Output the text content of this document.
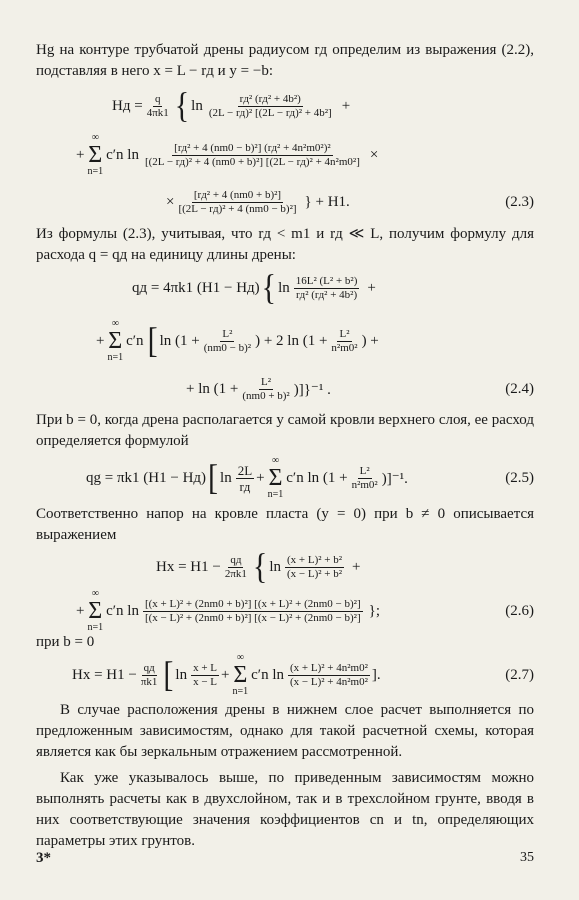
Hg на контуре трубчатой дрены радиусом rд определим из выражения (2.2), подставляя в него x = L − rд и y = −b:

Hд = $\frac{q}{4\pi k1}$ { $\ln \frac{\text{rд² (rд² + 4b²)}}{\text{(2L − rд)² [(2L − rд)² + 4b²]}}$ +
+
∞
Σ
n=1
c′n $\ln \frac{\text{[rд² + 4 (nm0 − b)²] (rд² + 4n²m0²)²}}{\text{[(2L − rд)² + 4 (nm0 + b)²] [(2L − rд)² + 4n²m0²]}}$ ×
× $\frac{\text{[rд² + 4 (nm0 + b)²]}}{\text{[(2L − rд)² + 4 (nm0 − b)²]}}$ } + H1.	(2.3)

Из формулы (2.3), учитывая, что rд < m1 и rд ≪ L, получим формулу для расхода q = qд на единицу длины дрены:

qд = 4πk1 (H1 − Hд) { $\ln \frac{\text{16L² (L² + b²)}}{\text{rд² (rд² + 4b²)}}$ +
+
∞
Σ
n=1
c′n [ $\ln (1 + \frac{\text{L²}}{\text{(nm0 − b)²}}$ ) + 2 $\ln (1 + \frac{\text{L²}}{\text{n²m0²}}$ ) +
+ $\ln (1 + \frac{\text{L²}}{\text{(nm0 + b)²}} )]\}^{-1}$ .	(2.4)

При b = 0, когда дрена располагается у самой кровли верхнего слоя, ее расход определяется формулой

qg = πk1 (H1 − Hд) [ $\ln \frac{2L}{rд}$ +
∞
Σ
n=1
c′n $\ln (1 + \frac{\text{L²}}{\text{n²m0²}} )]^{-1}$.	(2.5)

Соответственно напор на кровле пласта (y = 0) при b ≠ 0 описывается выражением

$Hx = H1 - \frac{qд}{2\pi k1}$ { $\ln \frac{\text{(x + L)² + b²}}{\text{(x − L)² + b²}}$ +
+
∞
Σ
n=1
c′n $\ln \frac{\text{[(x + L)² + (2nm0 + b)²] [(x + L)² + (2nm0 − b)²]}}{\text{[(x − L)² + (2nm0 + b)²] [(x − L)² + (2nm0 − b)²]}}$ };	(2.6)

при b = 0

$Hx = H1 - \frac{qд}{\pi k1}$ [ $\ln \frac{x + L}{x - L}$ +
∞
Σ
n=1
c′n $\ln \frac{\text{(x + L)² + 4n²m0²}}{\text{(x − L)² + 4n²m0²}}$ ].	(2.7)

В случае расположения дрены в нижнем слое расчет выполняется по предложенным зависимостям, однако для такой расчетной схемы, которая является как бы зеркальным отражением рассмотренной.

Как уже указывалось выше, по приведенным зависимостям можно выполнять расчеты как в двухслойном, так и в трехслойном грунте, вводя в них соответствующие значения коэффициентов cn и tn, определяющих параметры этих грунтов.

3*	35
